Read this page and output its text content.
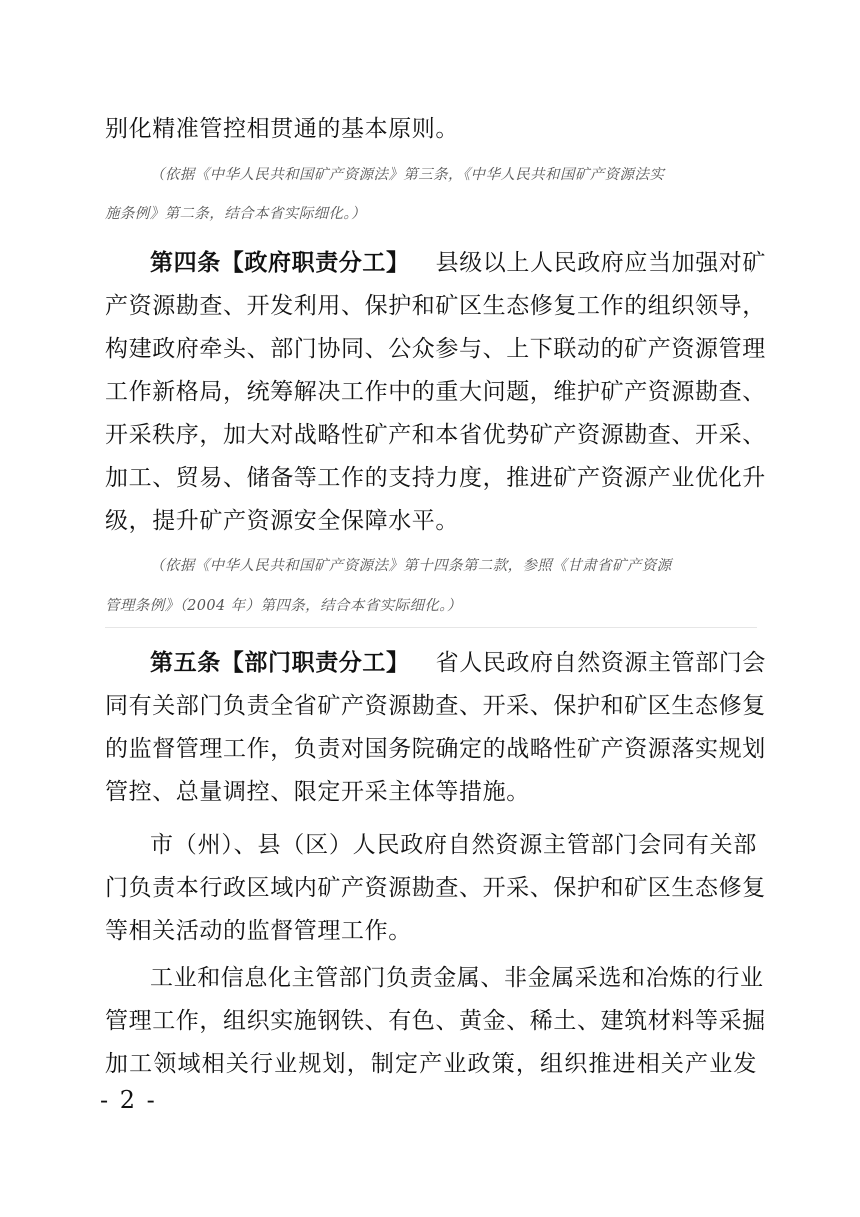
别化精准管控相贯通的基本原则。
（依据《中华人民共和国矿产资源法》第三条，《中华人民共和国矿产资源法实
施条例》第二条，结合本省实际细化。）
第四条【政府职责分工】 县级以上人民政府应当加强对矿
产资源勘查、开发利用、保护和矿区生态修复工作的组织领导，
构建政府牵头、部门协同、公众参与、上下联动的矿产资源管理
工作新格局，统筹解决工作中的重大问题，维护矿产资源勘查、
开采秩序，加大对战略性矿产和本省优势矿产资源勘查、开采、
加工、贸易、储备等工作的支持力度，推进矿产资源产业优化升
级，提升矿产资源安全保障水平。
（依据《中华人民共和国矿产资源法》第十四条第二款，参照《甘肃省矿产资源
管理条例》（2004 年）第四条，结合本省实际细化。）
第五条【部门职责分工】 省人民政府自然资源主管部门会
同有关部门负责全省矿产资源勘查、开采、保护和矿区生态修复
的监督管理工作，负责对国务院确定的战略性矿产资源落实规划
管控、总量调控、限定开采主体等措施。
市（州）、县（区）人民政府自然资源主管部门会同有关部
门负责本行政区域内矿产资源勘查、开采、保护和矿区生态修复
等相关活动的监督管理工作。
工业和信息化主管部门负责金属、非金属采选和冶炼的行业
管理工作，组织实施钢铁、有色、黄金、稀土、建筑材料等采掘
加工领域相关行业规划，制定产业政策，组织推进相关产业发
- 2 -
